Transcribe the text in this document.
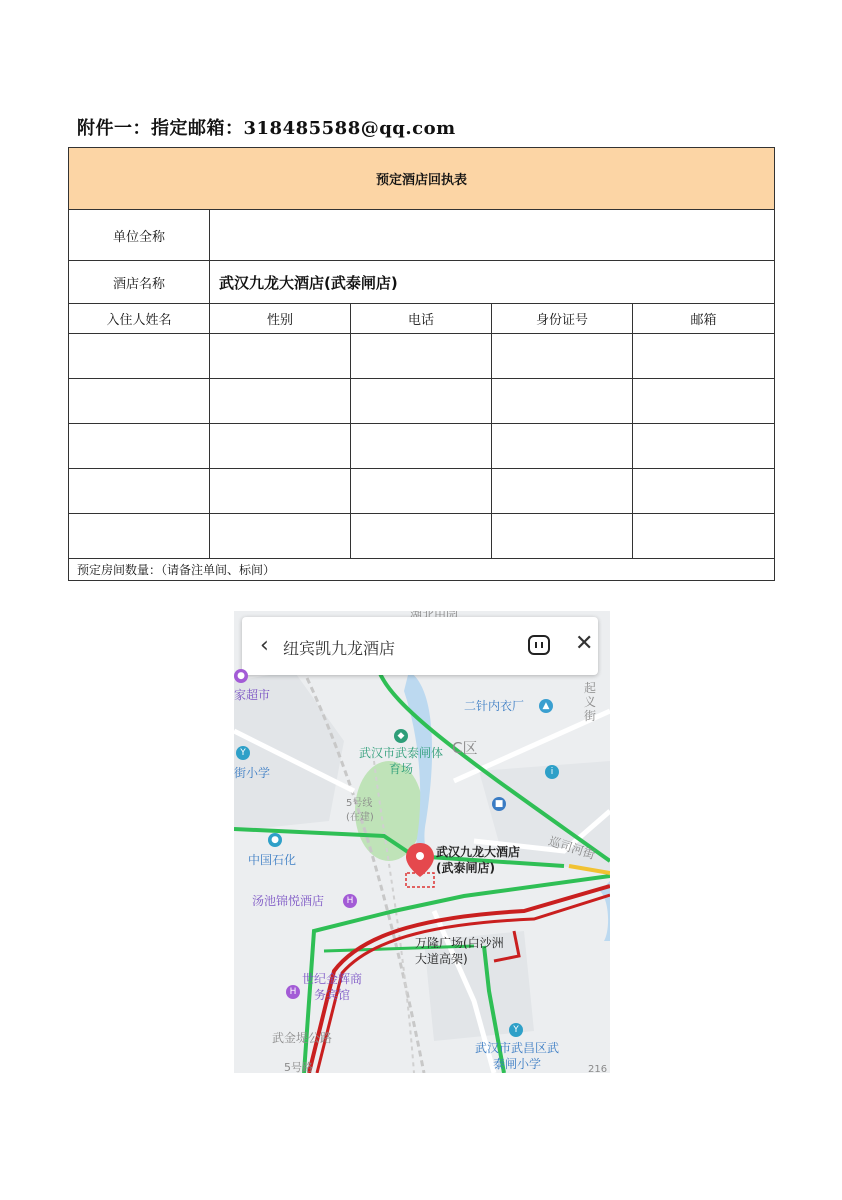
附件一：指定邮箱：318485588@qq.com
预定酒店回执表				
单位全称				
酒店名称	武汉九龙大酒店(武泰闸店)			
入住人姓名	性别	电话	身份证号	邮箱

预定房间数量：（请备注单间、标间）				
‹ 纽宾凯九龙酒店	✕
●
家超市
二针内衣厂	▲
起义街
◆
武汉市武泰闸体育场
C区
i
Y
街小学
5号线(在建)
■
●
中国石化	巡司河街
武汉九龙大酒店(武泰闸店)
汤池锦悦酒店	H
万隆广场(白沙洲大道高架)
H
世纪金辉商务宾馆
武金堤公路
5号路
Y
武汉市武昌区武泰闸小学	216
